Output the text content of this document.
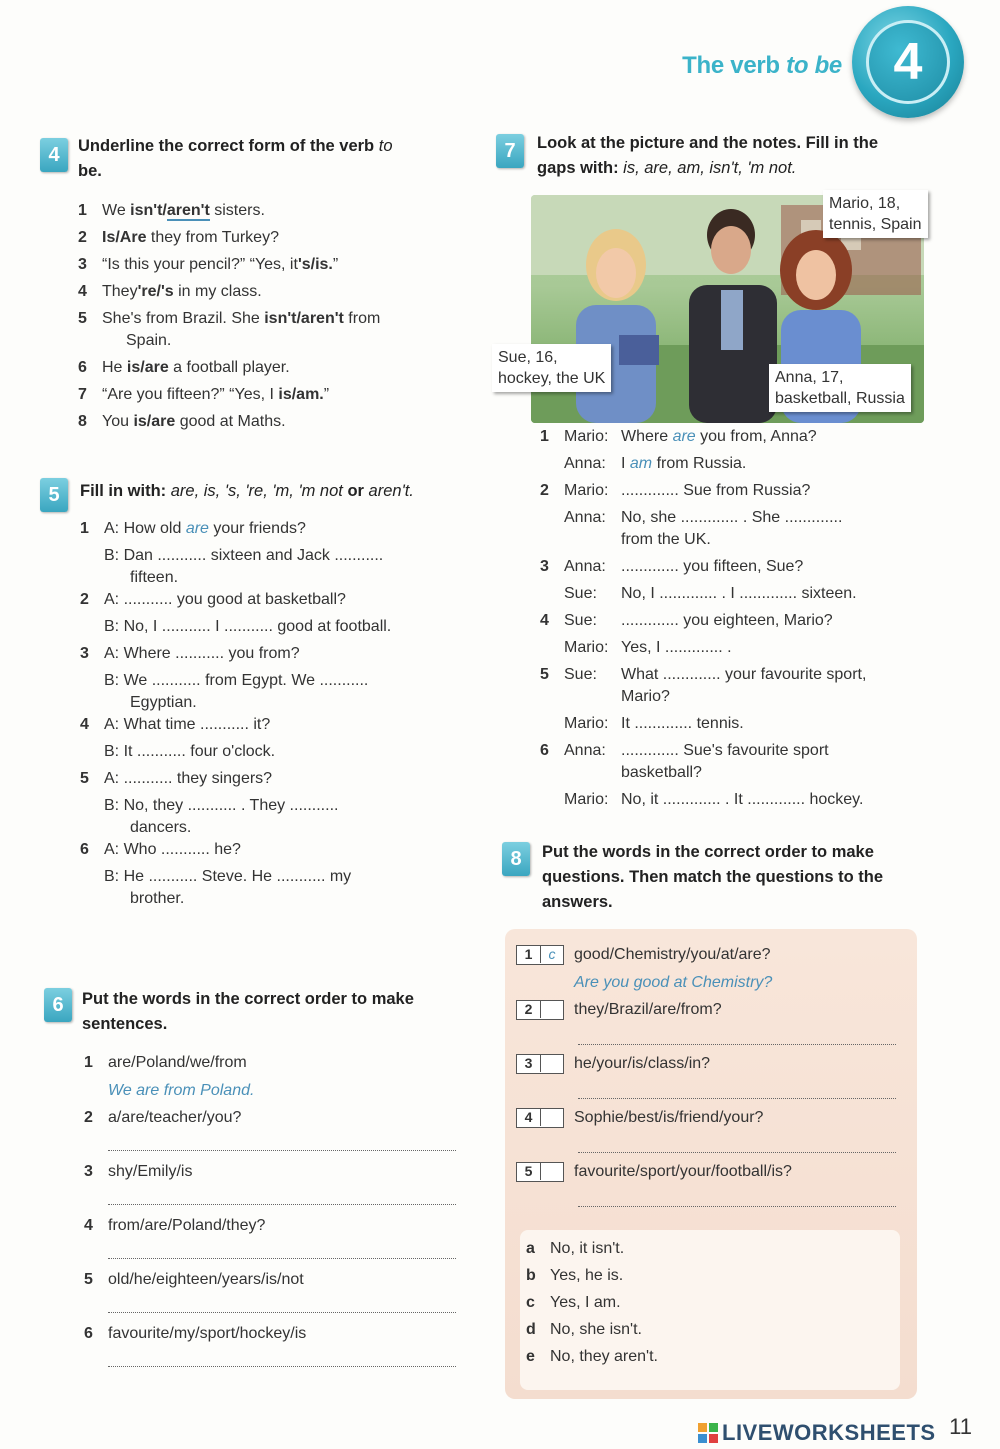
The verb to be 4
4	Underline the correct form of the verb to
be.
1 We isn't/aren't sisters.
2 Is/Are they from Turkey?
3 “Is this your pencil?” “Yes, it's/is.”
4 They're/'s in my class.
5 She's from Brazil. She isn't/aren't from
Spain.
6 He is/are a football player.
7 “Are you fifteen?” “Yes, I is/am.”
8 You is/are good at Maths.
5	Fill in with: are, is, 's, 're, 'm, 'm not or aren't.
1 A: How old are your friends?
B: Dan ........... sixteen and Jack ...........
fifteen.
2 A: ........... you good at basketball?
B: No, I ........... I ........... good at football.
3 A: Where ........... you from?
B: We ........... from Egypt. We ...........
Egyptian.
4 A: What time ........... it?
B: It ........... four o'clock.
5 A: ........... they singers?
B: No, they ........... . They ...........
dancers.
6 A: Who ........... he?
B: He ........... Steve. He ........... my
brother.
6	Put the words in the correct order to make
sentences.
1 are/Poland/we/from
We are from Poland.
2 a/are/teacher/you?
3 shy/Emily/is
4 from/are/Poland/they?
5 old/he/eighteen/years/is/not
6 favourite/my/sport/hockey/is
7	Look at the picture and the notes. Fill in the
gaps with: is, are, am, isn't, 'm not.
Mario, 18,
tennis, Spain
Sue, 16,
hockey, the UK	Anna, 17,
basketball, Russia
1 Mario: Where are you from, Anna?
Anna: I am from Russia.
2 Mario: ............. Sue from Russia?
Anna: No, she ............. . She .............
from the UK.
3 Anna: ............. you fifteen, Sue?
Sue:	No, I ............. . I ............. sixteen.
4 Sue:	............. you eighteen, Mario?
Mario: Yes, I ............. .
5 Sue:	What ............. your favourite sport,
Mario?
Mario: It ............. tennis.
6 Anna: ............. Sue's favourite sport
basketball?
Mario: No, it ............. . It ............. hockey.
8	Put the words in the correct order to make
questions. Then match the questions to the
answers.
1	c	good/Chemistry/you/at/are?
Are you good at Chemistry?
2	they/Brazil/are/from?
3	he/your/is/class/in?
4	Sophie/best/is/friend/your?
5	favourite/sport/your/football/is?
a No, it isn't.
b Yes, he is.
c Yes, I am.
d No, she isn't.
e No, they aren't.
11
LIVEWORKSHEETS
